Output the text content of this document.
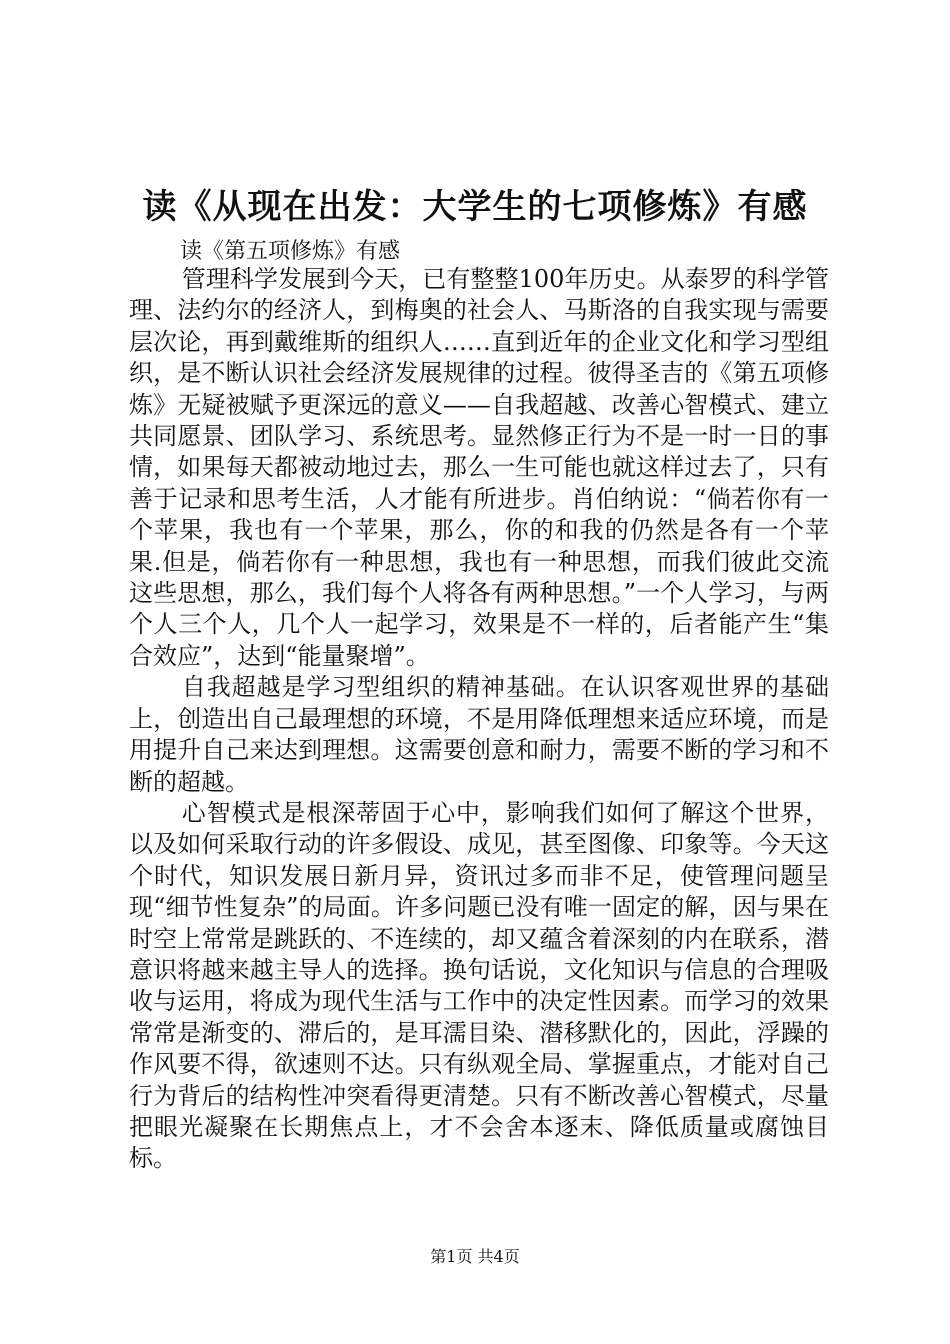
读《从现在出发：大学生的七项修炼》有感
读《第五项修炼》有感

管理科学发展到今天，已有整整100年历史。从泰罗的科学管理、法约尔的经济人，到梅奥的社会人、马斯洛的自我实现与需要层次论，再到戴维斯的组织人……直到近年的企业文化和学习型组织，是不断认识社会经济发展规律的过程。彼得圣吉的《第五项修炼》无疑被赋予更深远的意义——自我超越、改善心智模式、建立共同愿景、团队学习、系统思考。显然修正行为不是一时一日的事情，如果每天都被动地过去，那么一生可能也就这样过去了，只有善于记录和思考生活，人才能有所进步。肖伯纳说：“倘若你有一个苹果，我也有一个苹果，那么，你的和我的仍然是各有一个苹果.但是，倘若你有一种思想，我也有一种思想，而我们彼此交流这些思想，那么，我们每个人将各有两种思想。”一个人学习，与两个人三个人，几个人一起学习，效果是不一样的，后者能产生“集合效应”，达到“能量聚增”。

自我超越是学习型组织的精神基础。在认识客观世界的基础上，创造出自己最理想的环境，不是用降低理想来适应环境，而是用提升自己来达到理想。这需要创意和耐力，需要不断的学习和不断的超越。

心智模式是根深蒂固于心中，影响我们如何了解这个世界，以及如何采取行动的许多假设、成见，甚至图像、印象等。今天这个时代，知识发展日新月异，资讯过多而非不足，使管理问题呈现“细节性复杂”的局面。许多问题已没有唯一固定的解，因与果在时空上常常是跳跃的、不连续的，却又蕴含着深刻的内在联系，潜意识将越来越主导人的选择。换句话说，文化知识与信息的合理吸收与运用，将成为现代生活与工作中的决定性因素。而学习的效果常常是渐变的、滞后的，是耳濡目染、潜移默化的，因此，浮躁的作风要不得，欲速则不达。只有纵观全局、掌握重点，才能对自己行为背后的结构性冲突看得更清楚。只有不断改善心智模式，尽量把眼光凝聚在长期焦点上，才不会舍本逐末、降低质量或腐蚀目标。

第1页 共4页
